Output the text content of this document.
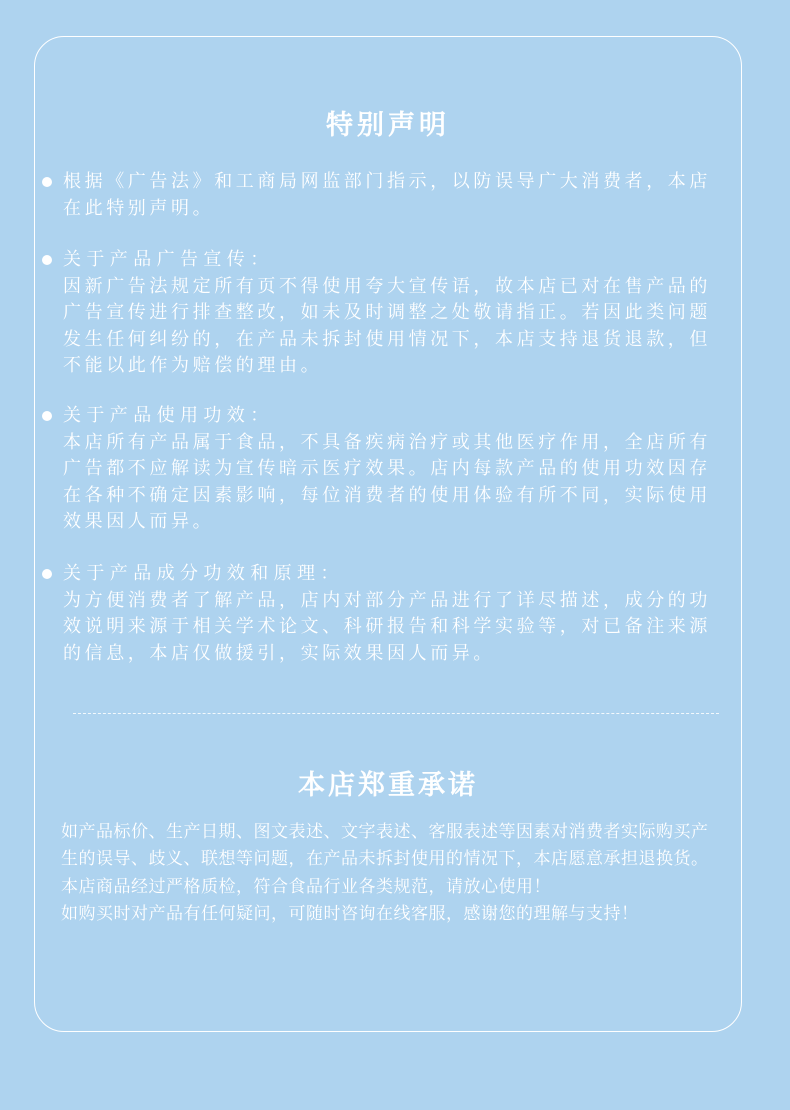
特别声明
根据《广告法》和工商局网监部门指示，以防误导广大消费者，本店在此特别声明。
关于产品广告宣传：
因新广告法规定所有页不得使用夸大宣传语，故本店已对在售产品的广告宣传进行排查整改，如未及时调整之处敬请指正。若因此类问题发生任何纠纷的，在产品未拆封使用情况下，本店支持退货退款，但不能以此作为赔偿的理由。
关于产品使用功效：
本店所有产品属于食品，不具备疾病治疗或其他医疗作用，全店所有广告都不应解读为宣传暗示医疗效果。店内每款产品的使用功效因存在各种不确定因素影响，每位消费者的使用体验有所不同，实际使用效果因人而异。
关于产品成分功效和原理：
为方便消费者了解产品，店内对部分产品进行了详尽描述，成分的功效说明来源于相关学术论文、科研报告和科学实验等，对已备注来源的信息，本店仅做援引，实际效果因人而异。
本店郑重承诺

如产品标价、生产日期、图文表述、文字表述、客服表述等因素对消费者实际购买产生的误导、歧义、联想等问题，在产品未拆封使用的情况下，本店愿意承担退换货。

本店商品经过严格质检，符合食品行业各类规范，请放心使用！

如购买时对产品有任何疑问，可随时咨询在线客服，感谢您的理解与支持！
